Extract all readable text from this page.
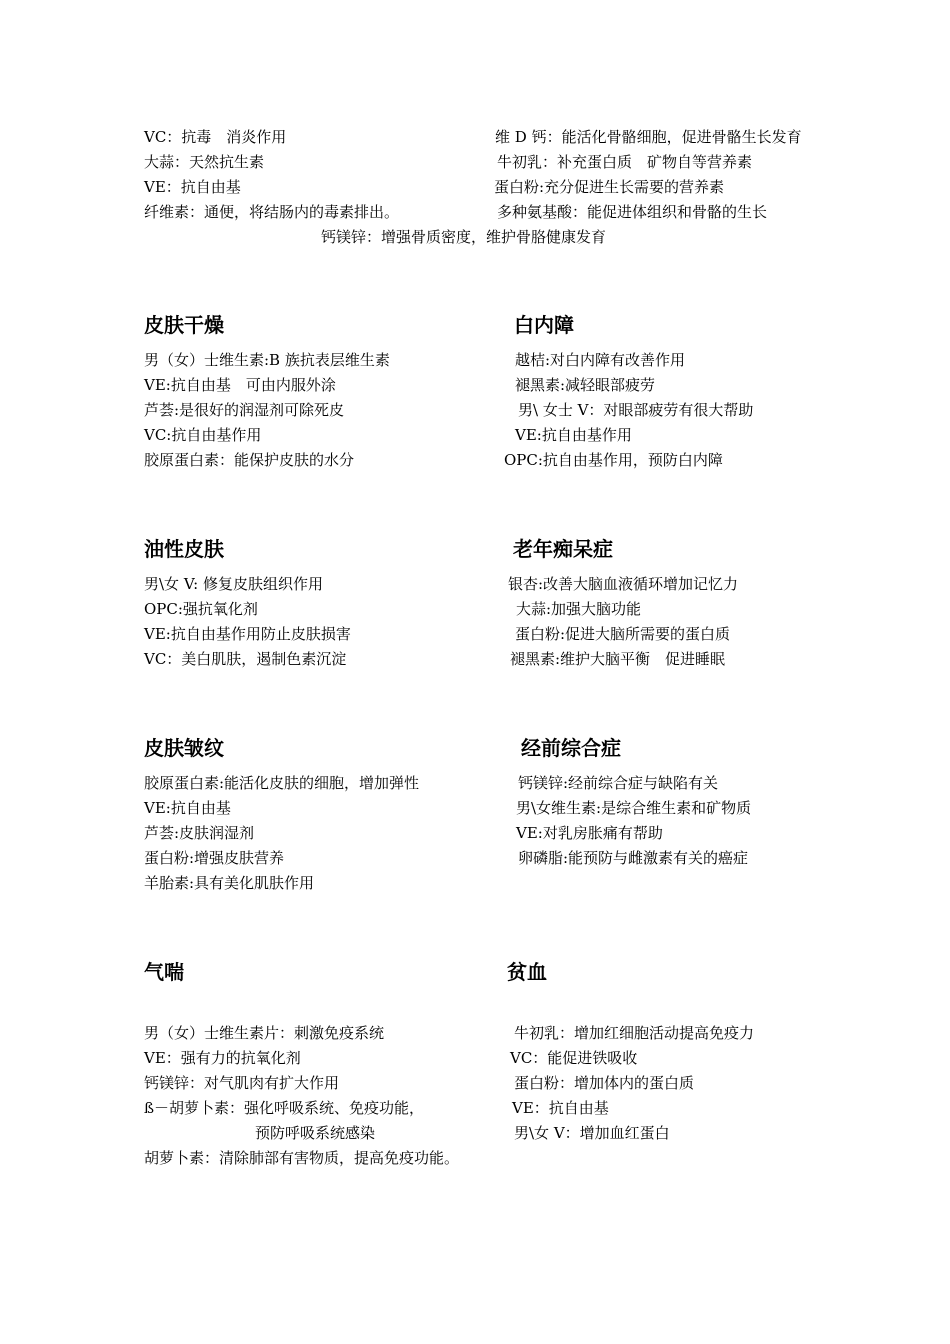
VC：抗毒　消炎作用
大蒜：天然抗生素
VE：抗自由基
纤维素：通便，将结肠内的毒素排出。
维 D 钙：能活化骨骼细胞，促进骨骼生长发育
牛初乳：补充蛋白质　矿物自等营养素
蛋白粉:充分促进生长需要的营养素
多种氨基酸：能促进体组织和骨骼的生长
钙镁锌：增强骨质密度，维护骨胳健康发育
皮肤干燥
男（女）士维生素:B 族抗表层维生素
VE:抗自由基　可由内服外涂
芦荟:是很好的润湿剂可除死皮
VC:抗自由基作用
胶原蛋白素：能保护皮肤的水分
白内障
越桔:对白内障有改善作用
褪黑素:减轻眼部疲劳
男\ 女士 V：对眼部疲劳有很大帮助
VE:抗自由基作用
OPC:抗自由基作用，预防白内障
油性皮肤
男\女 V: 修复皮肤组织作用
OPC:强抗氧化剂
VE:抗自由基作用防止皮肤损害
VC：美白肌肤，遏制色素沉淀
老年痴呆症
银杏:改善大脑血液循环增加记忆力
大蒜:加强大脑功能
蛋白粉:促进大脑所需要的蛋白质
褪黑素:维护大脑平衡　促进睡眠
皮肤皱纹
胶原蛋白素:能活化皮肤的细胞，增加弹性
VE:抗自由基
芦荟:皮肤润湿剂
蛋白粉:增强皮肤营养
羊胎素:具有美化肌肤作用
经前综合症
钙镁锌:经前综合症与缺陷有关
男\女维生素:是综合维生素和矿物质
VE:对乳房胀痛有帮助
卵磷脂:能预防与雌激素有关的癌症
气喘
男（女）士维生素片：刺激免疫系统
VE：强有力的抗氧化剂
钙镁锌：对气肌肉有扩大作用
ß－胡萝卜素：强化呼吸系统、免疫功能，
预防呼吸系统感染
胡萝卜素：清除肺部有害物质，提高免疫功能。
贫血
牛初乳：增加红细胞活动提高免疫力
VC：能促进铁吸收
蛋白粉：增加体内的蛋白质
VE：抗自由基
男\女 V：增加血红蛋白
